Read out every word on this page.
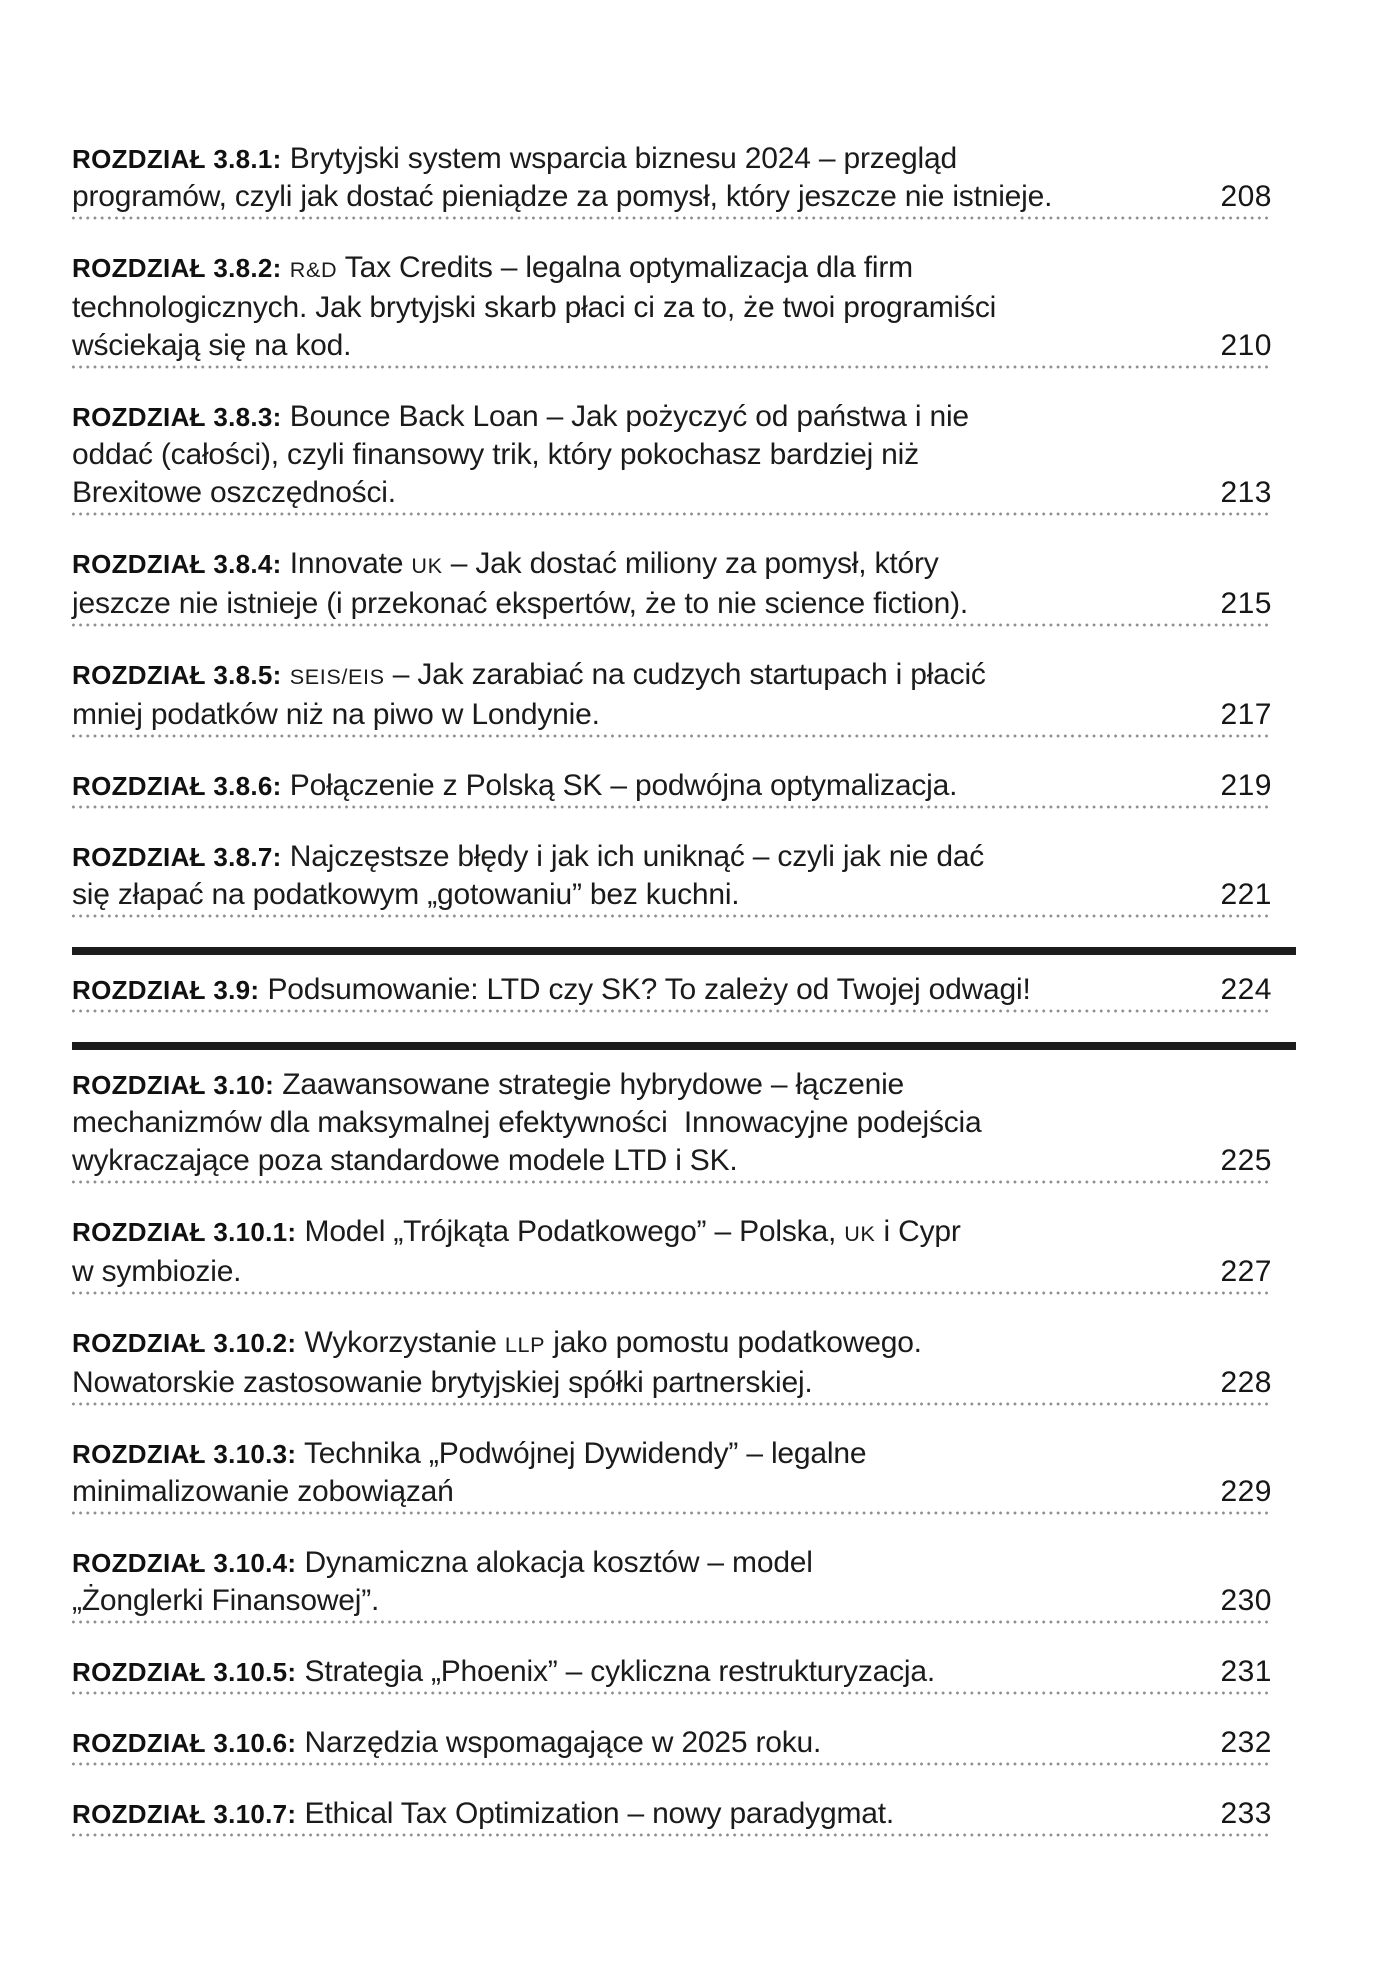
ROZDZIAŁ 3.8.1: Brytyjski system wsparcia biznesu 2024 – przegląd
programów, czyli jak dostać pieniądze za pomysł, który jeszcze nie istnieje.	208
ROZDZIAŁ 3.8.2: R&D Tax Credits – legalna optymalizacja dla firm
technologicznych. Jak brytyjski skarb płaci ci za to, że twoi programiści
wściekają się na kod.	210
ROZDZIAŁ 3.8.3: Bounce Back Loan – Jak pożyczyć od państwa i nie
oddać (całości), czyli finansowy trik, który pokochasz bardziej niż
Brexitowe oszczędności.	213
ROZDZIAŁ 3.8.4: Innovate UK – Jak dostać miliony za pomysł, który
jeszcze nie istnieje (i przekonać ekspertów, że to nie science fiction).	215
ROZDZIAŁ 3.8.5: SEIS/EIS – Jak zarabiać na cudzych startupach i płacić
mniej podatków niż na piwo w Londynie.	217
ROZDZIAŁ 3.8.6: Połączenie z Polską SK – podwójna optymalizacja.	219
ROZDZIAŁ 3.8.7: Najczęstsze błędy i jak ich uniknąć – czyli jak nie dać
się złapać na podatkowym „gotowaniu” bez kuchni.	221
ROZDZIAŁ 3.9: Podsumowanie: LTD czy SK? To zależy od Twojej odwagi!	224
ROZDZIAŁ 3.10: Zaawansowane strategie hybrydowe – łączenie
mechanizmów dla maksymalnej efektywności  Innowacyjne podejścia
wykraczające poza standardowe modele LTD i SK.	225
ROZDZIAŁ 3.10.1: Model „Trójkąta Podatkowego” – Polska, UK i Cypr
w symbiozie.	227
ROZDZIAŁ 3.10.2: Wykorzystanie LLP jako pomostu podatkowego.
Nowatorskie zastosowanie brytyjskiej spółki partnerskiej.	228
ROZDZIAŁ 3.10.3: Technika „Podwójnej Dywidendy” – legalne
minimalizowanie zobowiązań	229
ROZDZIAŁ 3.10.4: Dynamiczna alokacja kosztów – model
„Żonglerki Finansowej”.	230
ROZDZIAŁ 3.10.5: Strategia „Phoenix” – cykliczna restrukturyzacja.	231
ROZDZIAŁ 3.10.6: Narzędzia wspomagające w 2025 roku.	232
ROZDZIAŁ 3.10.7: Ethical Tax Optimization – nowy paradygmat.	233
